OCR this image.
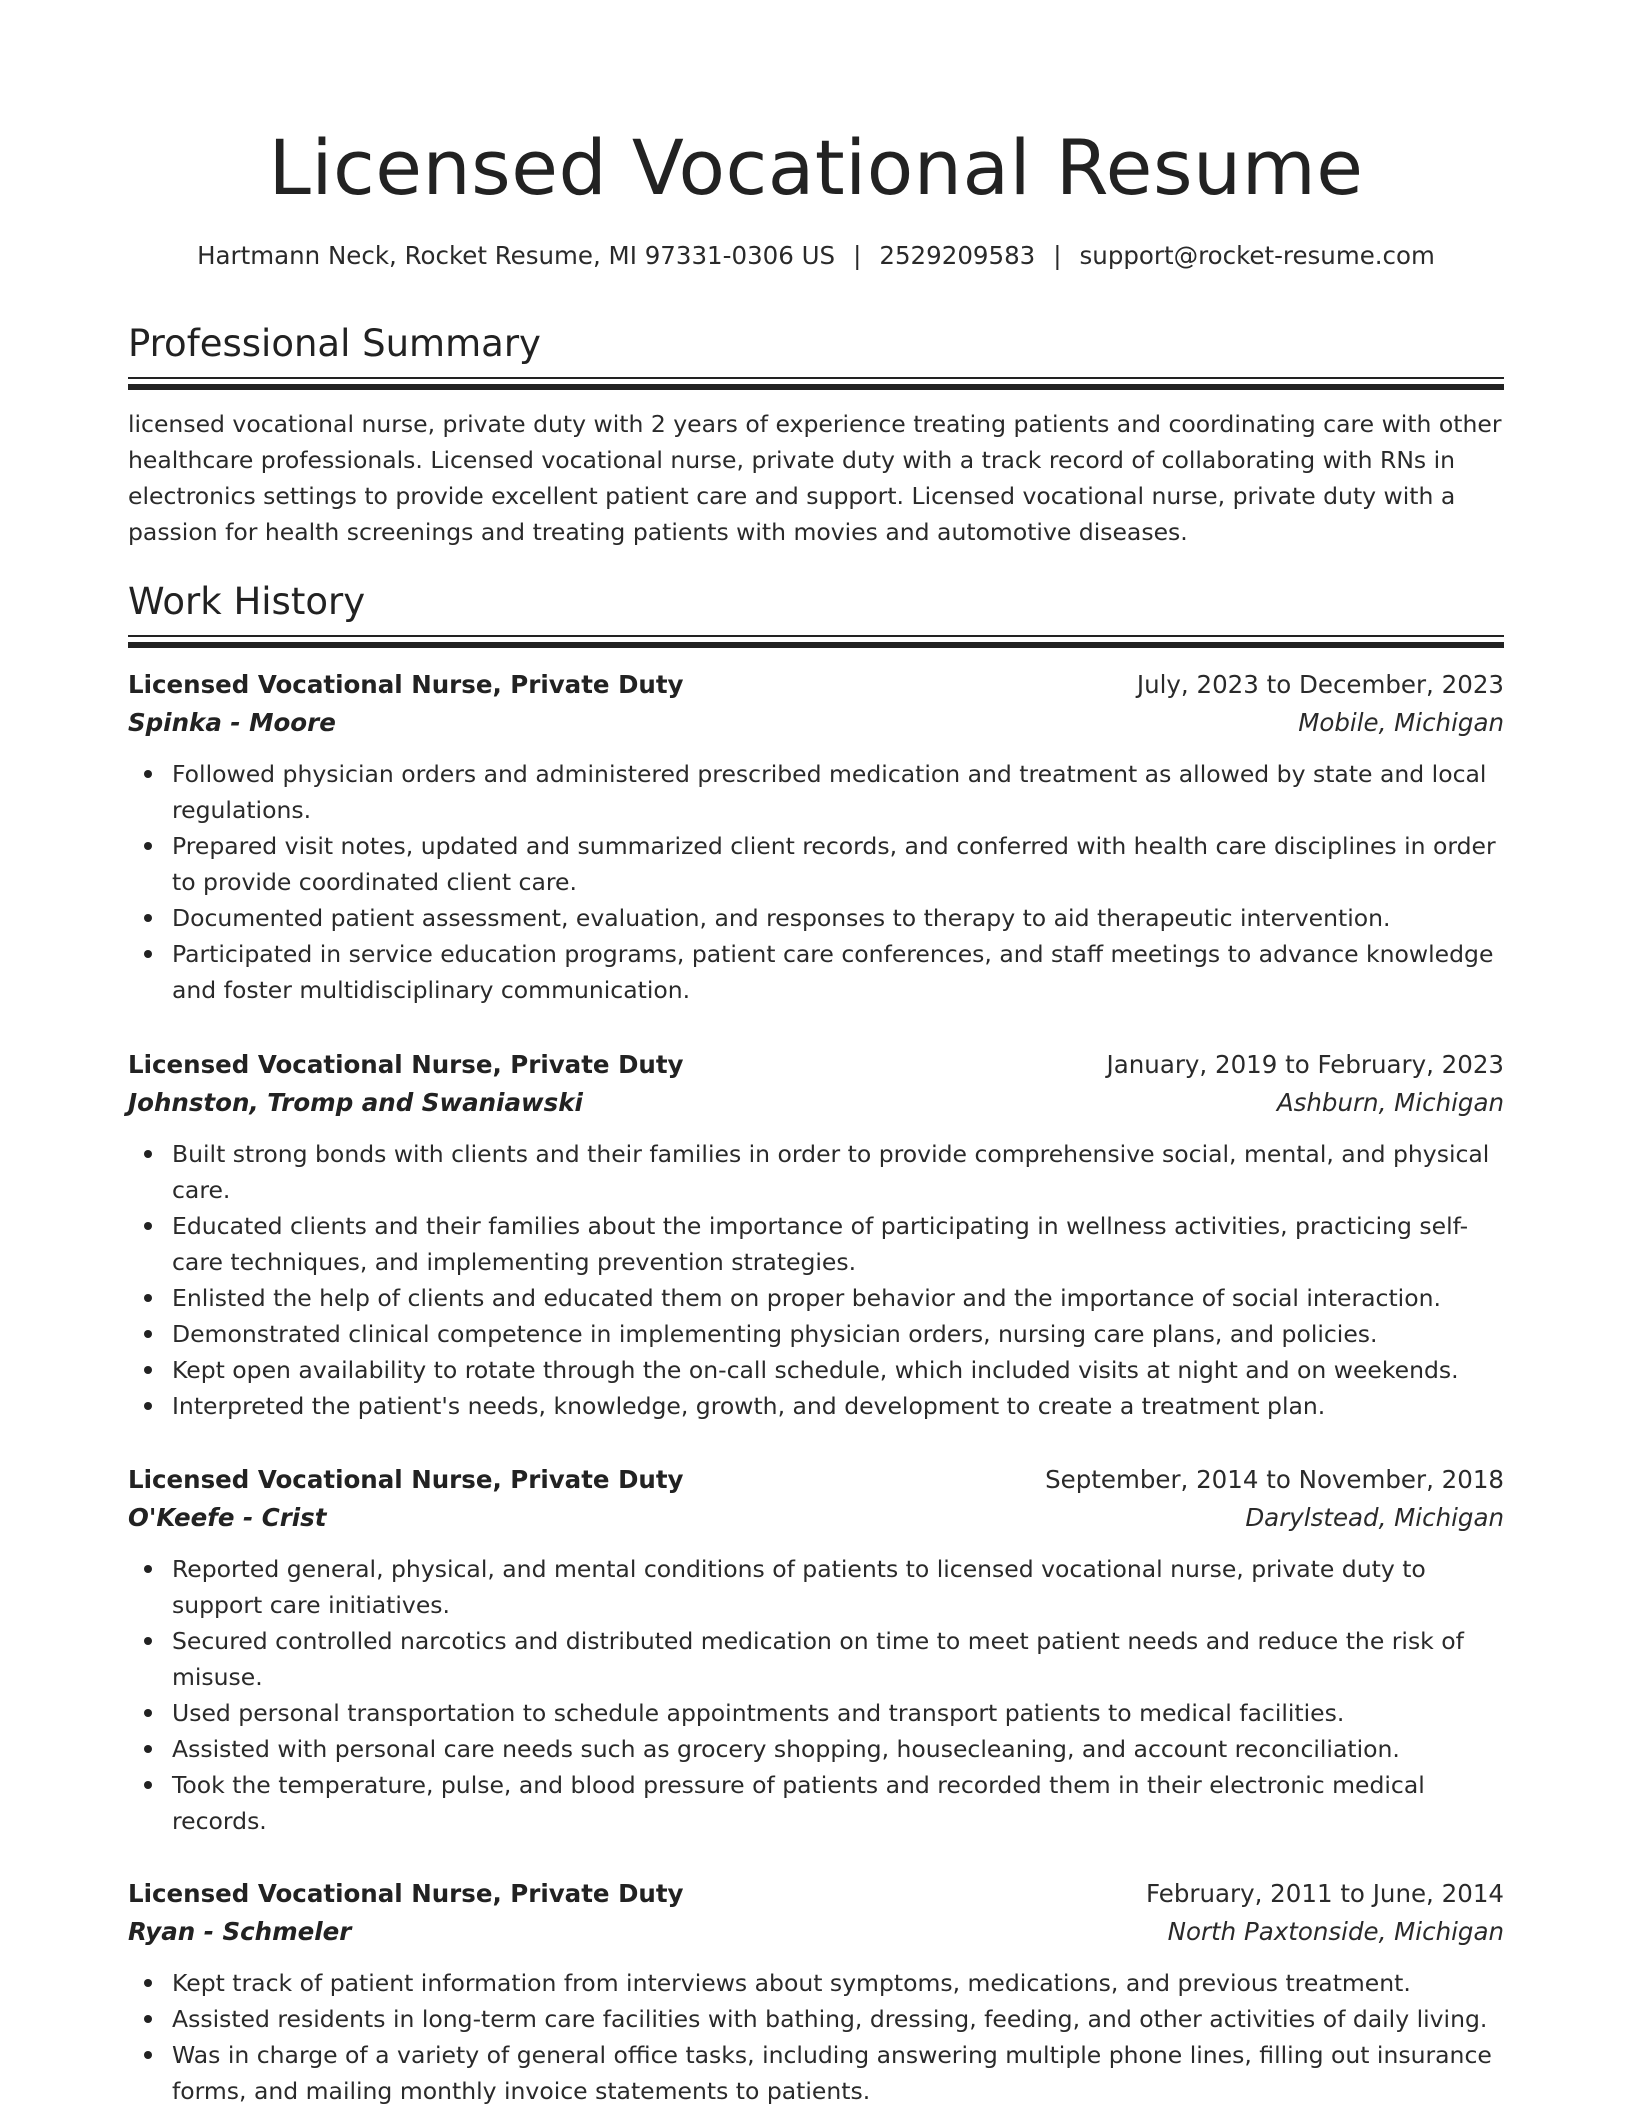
Licensed Vocational Resume
Hartmann Neck, Rocket Resume, MI 97331-0306 US | 2529209583 | support@rocket-resume.com
Professional Summary

licensed vocational nurse, private duty with 2 years of experience treating patients and coordinating care with other healthcare professionals. Licensed vocational nurse, private duty with a track record of collaborating with RNs in electronics settings to provide excellent patient care and support. Licensed vocational nurse, private duty with a passion for health screenings and treating patients with movies and automotive diseases.

Work History
Licensed Vocational Nurse, Private Duty	July, 2023 to December, 2023
Spinka - Moore	Mobile, Michigan
Followed physician orders and administered prescribed medication and treatment as allowed by state and local regulations.
Prepared visit notes, updated and summarized client records, and conferred with health care disciplines in order to provide coordinated client care.
Documented patient assessment, evaluation, and responses to therapy to aid therapeutic intervention.
Participated in service education programs, patient care conferences, and staff meetings to advance knowledge and foster multidisciplinary communication.
Licensed Vocational Nurse, Private Duty	January, 2019 to February, 2023
Johnston, Tromp and Swaniawski	Ashburn, Michigan
Built strong bonds with clients and their families in order to provide comprehensive social, mental, and physical care.
Educated clients and their families about the importance of participating in wellness activities, practicing self-care techniques, and implementing prevention strategies.
Enlisted the help of clients and educated them on proper behavior and the importance of social interaction.
Demonstrated clinical competence in implementing physician orders, nursing care plans, and policies.
Kept open availability to rotate through the on-call schedule, which included visits at night and on weekends.
Interpreted the patient's needs, knowledge, growth, and development to create a treatment plan.
Licensed Vocational Nurse, Private Duty	September, 2014 to November, 2018
O'Keefe - Crist	Darylstead, Michigan
Reported general, physical, and mental conditions of patients to licensed vocational nurse, private duty to support care initiatives.
Secured controlled narcotics and distributed medication on time to meet patient needs and reduce the risk of misuse.
Used personal transportation to schedule appointments and transport patients to medical facilities.
Assisted with personal care needs such as grocery shopping, housecleaning, and account reconciliation.
Took the temperature, pulse, and blood pressure of patients and recorded them in their electronic medical records.
Licensed Vocational Nurse, Private Duty	February, 2011 to June, 2014
Ryan - Schmeler	North Paxtonside, Michigan
Kept track of patient information from interviews about symptoms, medications, and previous treatment.
Assisted residents in long-term care facilities with bathing, dressing, feeding, and other activities of daily living.
Was in charge of a variety of general office tasks, including answering multiple phone lines, filling out insurance forms, and mailing monthly invoice statements to patients.
